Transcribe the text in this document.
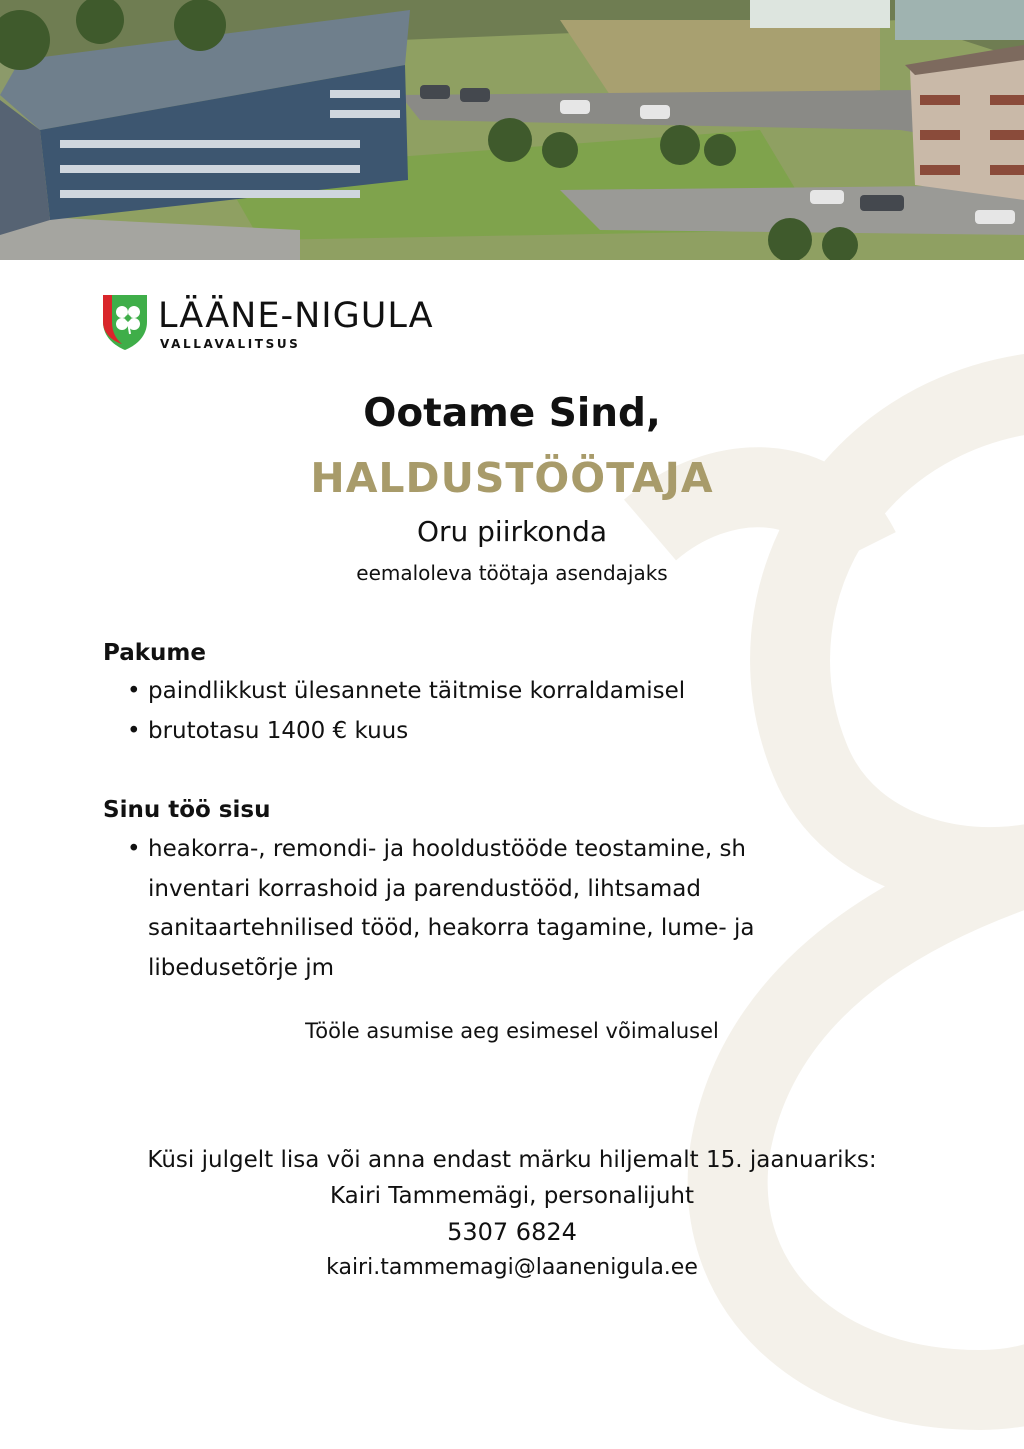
LÄÄNE-NIGULA
VALLAVALITSUS
Ootame Sind,
HALDUSTÖÖTAJA
Oru piirkonda
eemaloleva töötaja asendajaks
Pakume
• paindlikkust ülesannete täitmise korraldamisel
• brutotasu 1400 € kuus
Sinu töö sisu
• heakorra-, remondi- ja hooldustööde teostamine, sh
inventari korrashoid ja parendustööd, lihtsamad
sanitaartehnilised tööd, heakorra tagamine, lume- ja
libedusetõrje jm
Tööle asumise aeg esimesel võimalusel
Küsi julgelt lisa või anna endast märku hiljemalt 15. jaanuariks:
Kairi Tammemägi, personalijuht
5307 6824
kairi.tammemagi@laanenigula.ee
